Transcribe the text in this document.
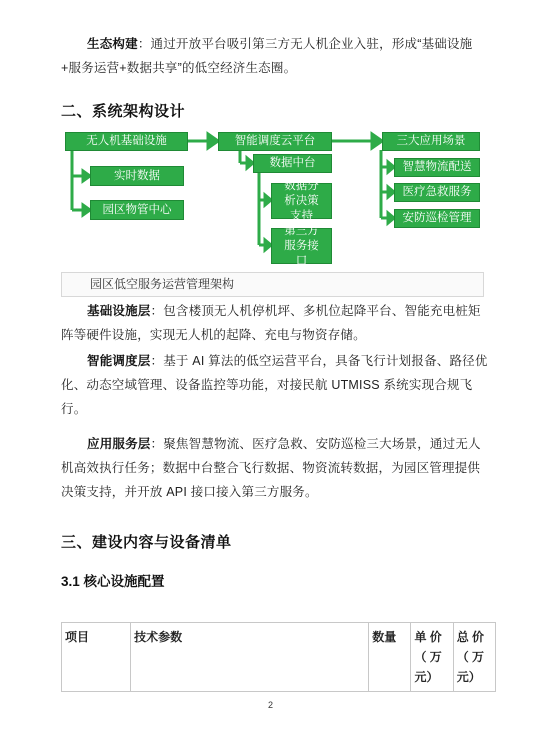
生态构建：通过开放平台吸引第三方无人机企业入驻，形成“基础设施+服务运营+数据共享”的低空经济生态圈。

二、系统架构设计
无人机基础设施
实时数据
园区物管中心
智能调度云平台
数据中台
数据分析决策支持
第三方服务接口
三大应用场景
智慧物流配送
医疗急救服务
安防巡检管理
园区低空服务运营管理架构

基础设施层：包含楼顶无人机停机坪、多机位起降平台、智能充电桩矩阵等硬件设施，实现无人机的起降、充电与物资存储。

智能调度层：基于 AI 算法的低空运营平台，具备飞行计划报备、路径优化、动态空域管理、设备监控等功能，对接民航 UTMISS 系统实现合规飞行。

应用服务层：聚焦智慧物流、医疗急救、安防巡检三大场景，通过无人机高效执行任务；数据中台整合飞行数据、物资流转数据，为园区管理提供决策支持，并开放 API 接口接入第三方服务。

三、建设内容与设备清单
3.1 核心设施配置
项目	技术参数	数量	单 价 （ 万 元）	总 价 （ 万 元）
2
